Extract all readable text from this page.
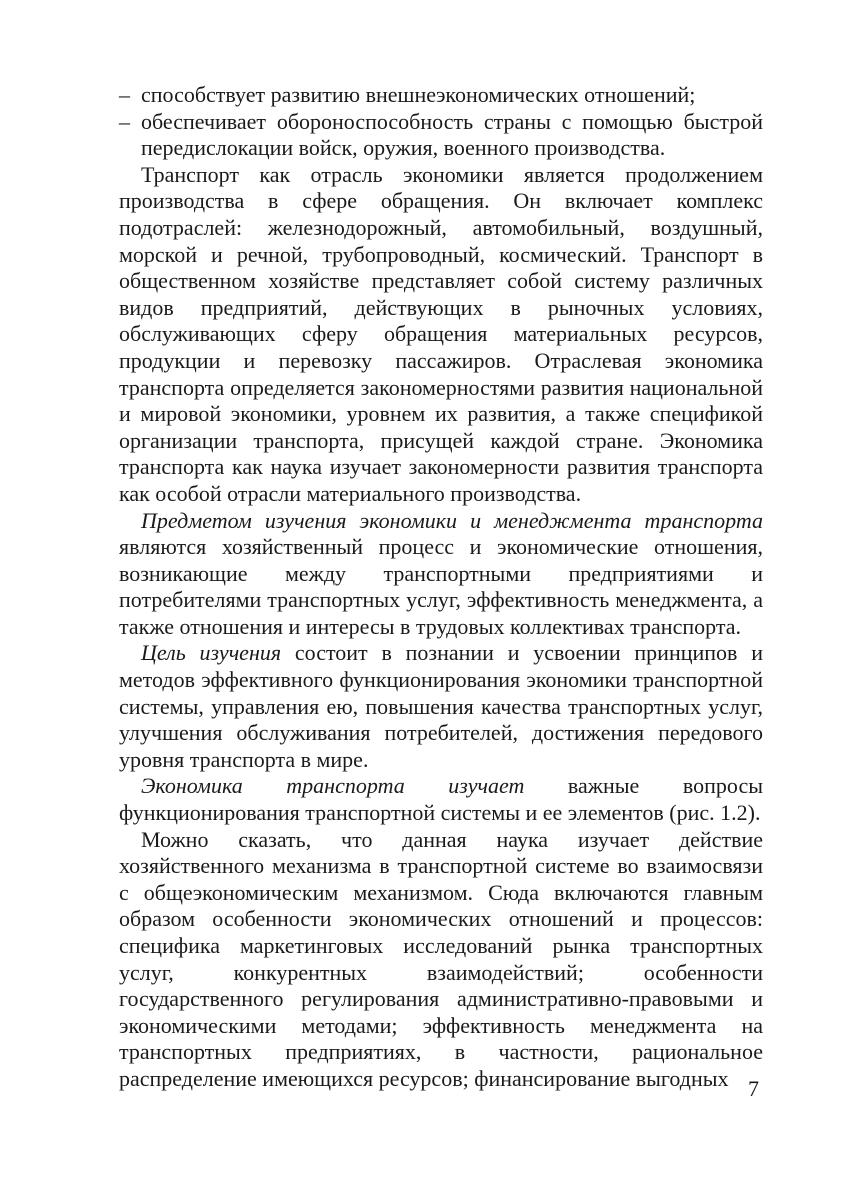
– способствует развитию внешнеэкономических отношений;
– обеспечивает обороноспособность страны с помощью быстрой передислокации войск, оружия, военного производства.

Транспорт как отрасль экономики является продолжением производства в сфере обращения. Он включает комплекс подотраслей: железнодорожный, автомобильный, воздушный, морской и речной, трубопроводный, космический. Транспорт в общественном хозяйстве представляет собой систему различных видов предприятий, действующих в рыночных условиях, обслуживающих сферу обращения материальных ресурсов, продукции и перевозку пассажиров. Отраслевая экономика транспорта определяется закономерностями развития национальной и мировой экономики, уровнем их развития, а также спецификой организации транспорта, присущей каждой стране. Экономика транспорта как наука изучает закономерности развития транспорта как особой отрасли материального производства.

Предметом изучения экономики и менеджмента транспорта являются хозяйственный процесс и экономические отношения, возникающие между транспортными предприятиями и потребителями транспортных услуг, эффективность менеджмента, а также отношения и интересы в трудовых коллективах транспорта.

Цель изучения состоит в познании и усвоении принципов и методов эффективного функционирования экономики транспортной системы, управления ею, повышения качества транспортных услуг, улучшения обслуживания потребителей, достижения передового уровня транспорта в мире.

Экономика транспорта изучает важные вопросы функционирования транспортной системы и ее элементов (рис. 1.2).

Можно сказать, что данная наука изучает действие хозяйственного механизма в транспортной системе во взаимосвязи с общеэкономическим механизмом. Сюда включаются главным образом особенности экономических отношений и процессов: специфика маркетинговых исследований рынка транспортных услуг, конкурентных взаимодействий; особенности государственного регулирования административно-правовыми и экономическими методами; эффективность менеджмента на транспортных предприятиях, в частности, рациональное распределение имеющихся ресурсов; финансирование выгодных 7
